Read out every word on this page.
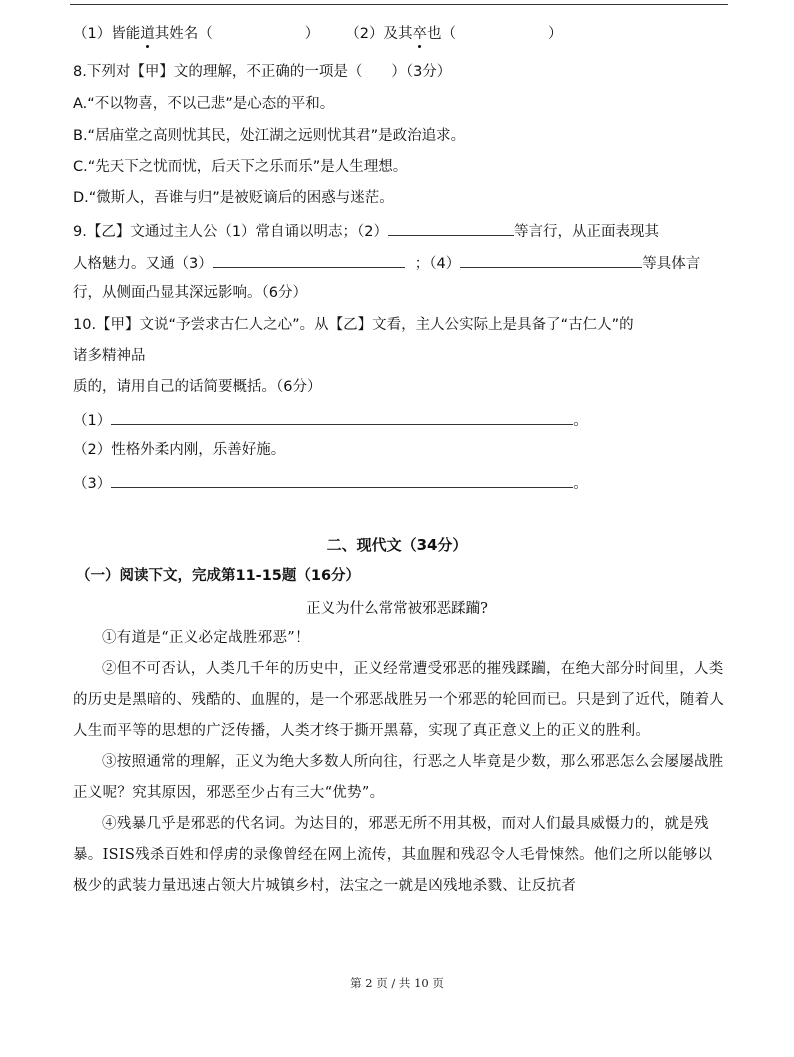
（1）皆能道其姓名（	） （2）及其卒也（	）
8.下列对【甲】文的理解，不正确的一项是（　　）（3分）
A.“不以物喜，不以己悲”是心态的平和。
B.“居庙堂之高则忧其民，处江湖之远则忧其君”是政治追求。
C.“先天下之忧而忧，后天下之乐而乐”是人生理想。
D.“微斯人，吾谁与归”是被贬谪后的困惑与迷茫。
9.【乙】文通过主人公（1）常自诵以明志；（2）	等言行，从正面表现其
人格魅力。又通（3）	；（4）	等具体言
行，从侧面凸显其深远影响。（6分）
10.【甲】文说“予尝求古仁人之心”。从【乙】文看，主人公实际上是具备了“古仁人”的
诸多精神品
质的，请用自己的话简要概括。（6分）
（1）	。
（2）性格外柔内刚，乐善好施。
（3）	。
二、现代文（34分）
（一）阅读下文，完成第11-15题（16分）
正义为什么常常被邪恶蹂躏?

①有道是“正义必定战胜邪恶”！

②但不可否认，人类几千年的历史中，正义经常遭受邪恶的摧残蹂躏，在绝大部分时间里，人类的历史是黑暗的、残酷的、血腥的，是一个邪恶战胜另一个邪恶的轮回而已。只是到了近代，随着人人生而平等的思想的广泛传播，人类才终于撕开黑幕，实现了真正意义上的正义的胜利。

③按照通常的理解，正义为绝大多数人所向往，行恶之人毕竟是少数，那么邪恶怎么会屡屡战胜正义呢？究其原因，邪恶至少占有三大“优势”。

④残暴几乎是邪恶的代名词。为达目的，邪恶无所不用其极，而对人们最具威慑力的，就是残暴。ISIS残杀百姓和俘虏的录像曾经在网上流传，其血腥和残忍令人毛骨悚然。他们之所以能够以极少的武装力量迅速占领大片城镇乡村，法宝之一就是凶残地杀戮、让反抗者

第 2 页 / 共 10 页
